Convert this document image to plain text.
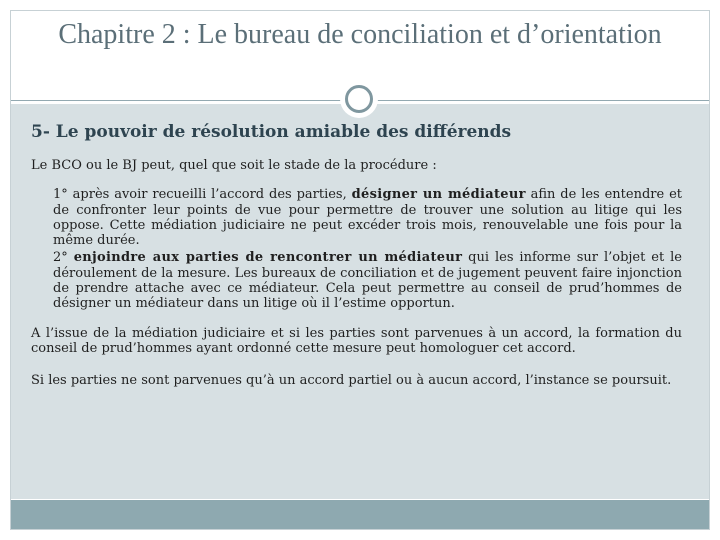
Chapitre 2 : Le bureau de conciliation et d’orientation
5- Le pouvoir de résolution amiable des différends

Le BCO ou le BJ peut, quel que soit le stade de la procédure :

1° après avoir recueilli l’accord des parties, désigner un médiateur afin de les entendre et de confronter leur points de vue pour permettre de trouver une solution au litige qui les oppose. Cette médiation judiciaire ne peut excéder trois mois, renouvelable une fois pour la même durée.

2° enjoindre aux parties de rencontrer un médiateur qui les informe sur l’objet et le déroulement de la mesure. Les bureaux de conciliation et de jugement peuvent faire injonction de prendre attache avec ce médiateur. Cela peut permettre au conseil de prud’hommes de désigner un médiateur dans un litige où il l’estime opportun.

A l’issue de la médiation judiciaire et si les parties sont parvenues à un accord, la formation du conseil de prud’hommes ayant ordonné cette mesure peut homologuer cet accord.

Si les parties ne sont parvenues qu’à un accord partiel ou à aucun accord, l’instance se poursuit.
